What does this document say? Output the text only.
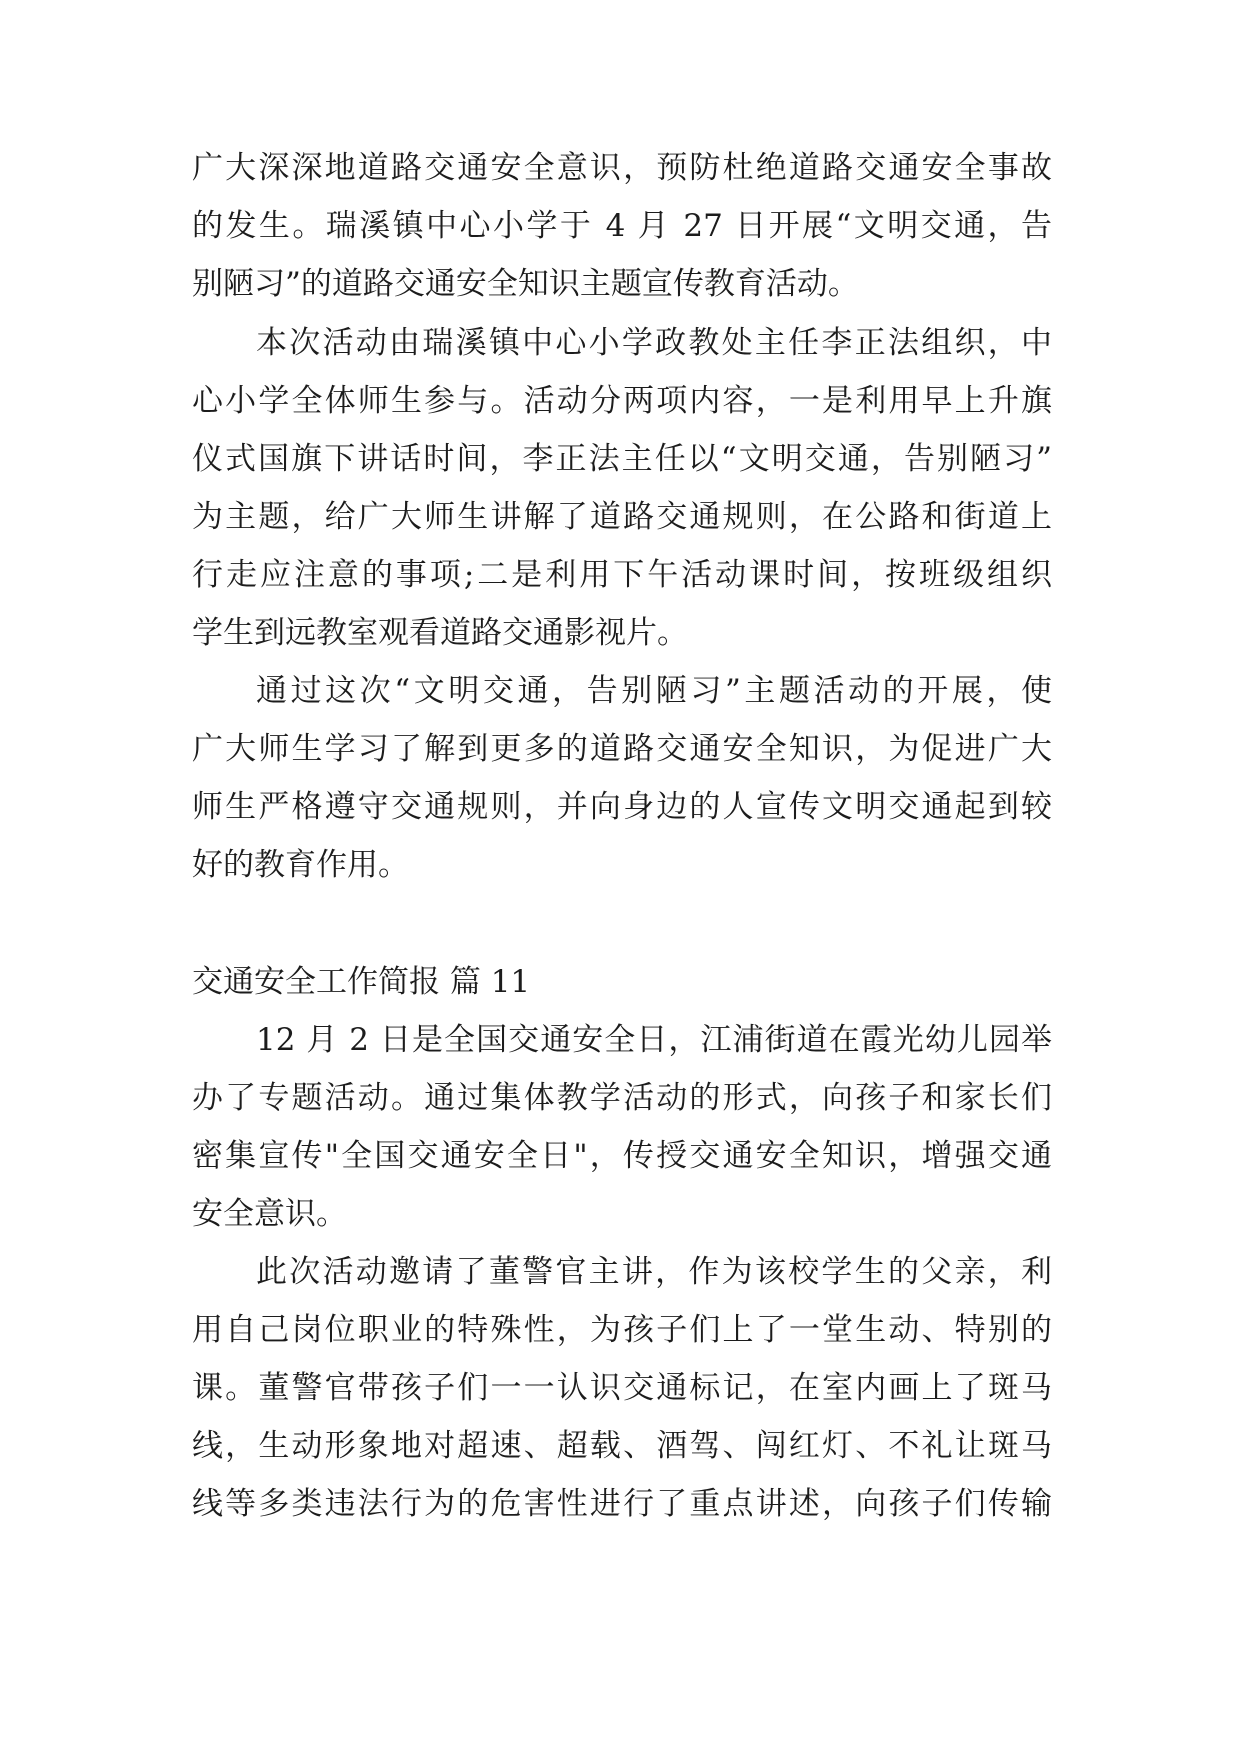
广大深深地道路交通安全意识，预防杜绝道路交通安全事故
的发生。瑞溪镇中心小学于 4 月 27 日开展“文明交通，告
别陋习”的道路交通安全知识主题宣传教育活动。
本次活动由瑞溪镇中心小学政教处主任李正法组织，中
心小学全体师生参与。活动分两项内容，一是利用早上升旗
仪式国旗下讲话时间，李正法主任以“文明交通，告别陋习”
为主题，给广大师生讲解了道路交通规则，在公路和街道上
行走应注意的事项;二是利用下午活动课时间，按班级组织
学生到远教室观看道路交通影视片。
通过这次“文明交通，告别陋习”主题活动的开展，使
广大师生学习了解到更多的道路交通安全知识，为促进广大
师生严格遵守交通规则，并向身边的人宣传文明交通起到较
好的教育作用。
交通安全工作简报 篇 11
12 月 2 日是全国交通安全日，江浦街道在霞光幼儿园举
办了专题活动。通过集体教学活动的形式，向孩子和家长们
密集宣传"全国交通安全日"，传授交通安全知识，增强交通
安全意识。
此次活动邀请了董警官主讲，作为该校学生的父亲，利
用自己岗位职业的特殊性，为孩子们上了一堂生动、特别的
课。董警官带孩子们一一认识交通标记，在室内画上了斑马
线，生动形象地对超速、超载、酒驾、闯红灯、不礼让斑马
线等多类违法行为的危害性进行了重点讲述，向孩子们传输
